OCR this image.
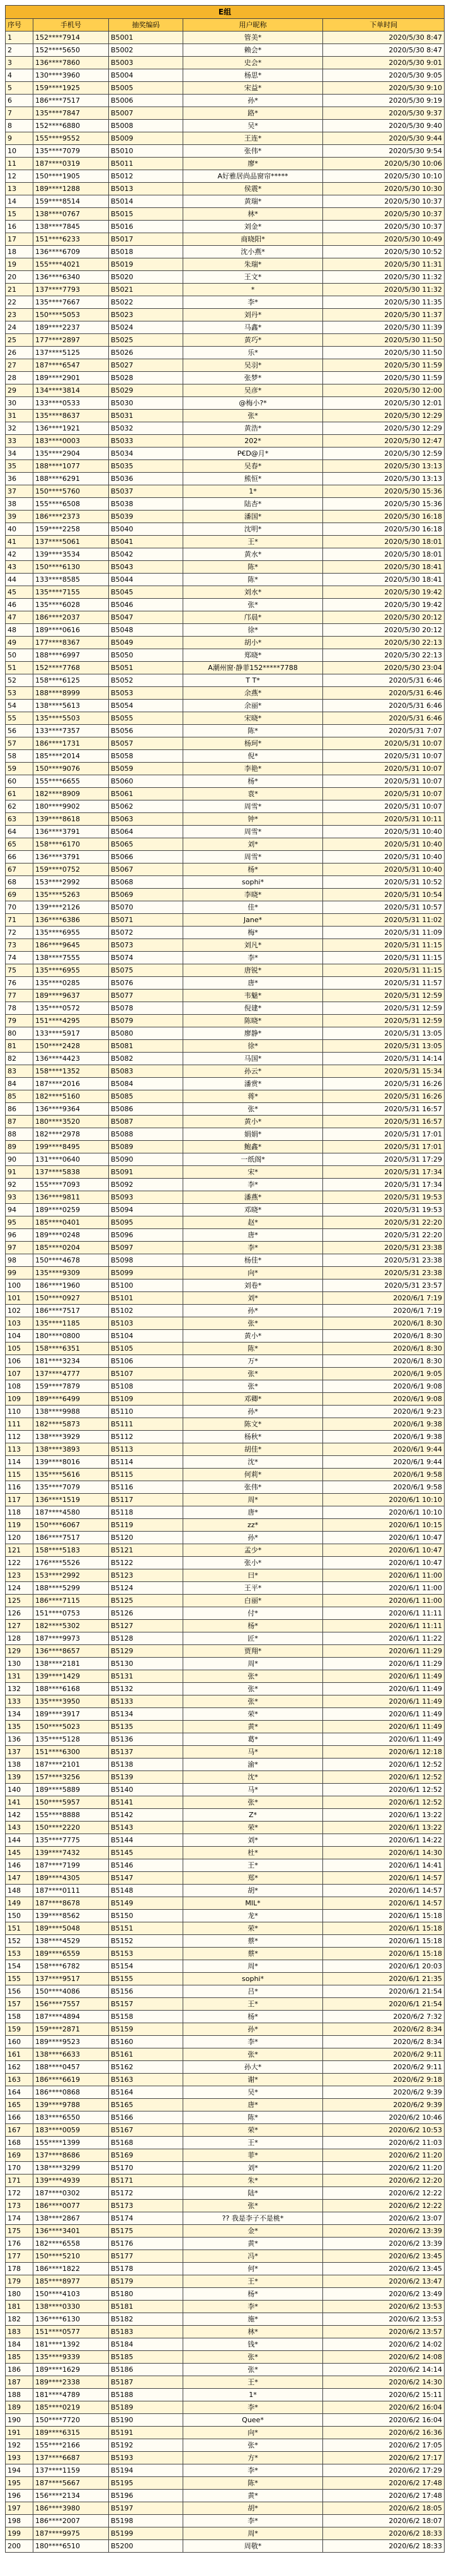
E组				
序号	手机号	抽奖编码	用户昵称	下单时间
1	152****7914	B5001	管美*	2020/5/30 8:47
2	152****5650	B5002	赖会*	2020/5/30 8:47
3	136****7860	B5003	史会*	2020/5/30 9:01
4	130****3960	B5004	杨思*	2020/5/30 9:05
5	159****1925	B5005	宋益*	2020/5/30 9:10
6	186****7517	B5006	孙*	2020/5/30 9:19
7	135****7847	B5007	路*	2020/5/30 9:37
8	152****6880	B5008	吴*	2020/5/30 9:40
9	155****9552	B5009	王连*	2020/5/30 9:44
10	135****7079	B5010	张伟*	2020/5/30 9:54
11	187****0319	B5011	廖*	2020/5/30 10:06
12	150****1905	B5012	A好雅居尚品窗帘*****	2020/5/30 10:10
13	189****1288	B5013	侯震*	2020/5/30 10:30
14	159****8514	B5014	黄瑞*	2020/5/30 10:37
15	138****0767	B5015	林*	2020/5/30 10:37
16	138****7845	B5016	刘金*	2020/5/30 10:37
17	151****6233	B5017	商晓阳*	2020/5/30 10:49
18	136****6709	B5018	沈小燕*	2020/5/30 10:52
19	155****4021	B5019	朱瑞*	2020/5/30 11:31
20	136****6340	B5020	王文*	2020/5/30 11:32
21	137****7793	B5021	*	2020/5/30 11:32
22	135****7667	B5022	李*	2020/5/30 11:35
23	150****5053	B5023	刘丹*	2020/5/30 11:37
24	189****2237	B5024	马鑫*	2020/5/30 11:39
25	177****2897	B5025	黄巧*	2020/5/30 11:50
26	137****5125	B5026	乐*	2020/5/30 11:50
27	187****6547	B5027	吴羽*	2020/5/30 11:59
28	189****2901	B5028	张梦*	2020/5/30 11:59
29	134****3814	B5029	吴彦*	2020/5/30 12:00
30	133****0533	B5030	@梅小?*	2020/5/30 12:01
31	135****8637	B5031	张*	2020/5/30 12:29
32	136****1921	B5032	黄浩*	2020/5/30 12:29
33	183****0003	B5033	202*	2020/5/30 12:47
34	135****2904	B5034	P€D@月*	2020/5/30 12:59
35	188****1077	B5035	吴春*	2020/5/30 13:13
36	188****6291	B5036	熊恒*	2020/5/30 13:13
37	150****5760	B5037	1*	2020/5/30 15:36
38	155****6508	B5038	陆杏*	2020/5/30 15:36
39	186****2373	B5039	潘国*	2020/5/30 16:18
40	159****2258	B5040	沈明*	2020/5/30 16:18
41	137****5061	B5041	王*	2020/5/30 18:01
42	139****3534	B5042	黄水*	2020/5/30 18:01
43	150****6130	B5043	陈*	2020/5/30 18:41
44	133****8585	B5044	陈*	2020/5/30 18:41
45	135****7155	B5045	刘水*	2020/5/30 19:42
46	135****6028	B5046	张*	2020/5/30 19:42
47	186****2037	B5047	邝晨*	2020/5/30 20:12
48	189****0616	B5048	徐*	2020/5/30 20:12
49	177****8367	B5049	胡小*	2020/5/30 22:13
50	188****6997	B5050	郑晓*	2020/5/30 22:13
51	152****7768	B5051	A潮州窗·静菲152*****7788	2020/5/30 23:04
52	158****6125	B5052	T T*	2020/5/31 6:46
53	188****8999	B5053	余燕*	2020/5/31 6:46
54	138****5613	B5054	余丽*	2020/5/31 6:46
55	135****5503	B5055	宋晓*	2020/5/31 6:46
56	133****7357	B5056	陈*	2020/5/31 7:07
57	186****1731	B5057	杨珂*	2020/5/31 10:07
58	185****2014	B5058	倪*	2020/5/31 10:07
59	150****9076	B5059	李艳*	2020/5/31 10:07
60	155****6655	B5060	杨*	2020/5/31 10:07
61	182****8909	B5061	袁*	2020/5/31 10:07
62	180****9902	B5062	周雪*	2020/5/31 10:07
63	139****8618	B5063	钟*	2020/5/31 10:11
64	136****3791	B5064	周雪*	2020/5/31 10:40
65	158****6170	B5065	刘*	2020/5/31 10:40
66	136****3791	B5066	周雪*	2020/5/31 10:40
67	159****0752	B5067	杨*	2020/5/31 10:40
68	153****2992	B5068	sophi*	2020/5/31 10:52
69	135****5263	B5069	李晓*	2020/5/31 10:54
70	139****2126	B5070	佳*	2020/5/31 10:57
71	136****6386	B5071	Jane*	2020/5/31 11:02
72	135****6955	B5072	梅*	2020/5/31 11:09
73	186****9645	B5073	刘凡*	2020/5/31 11:15
74	138****7555	B5074	李*	2020/5/31 11:15
75	135****6955	B5075	唐锐*	2020/5/31 11:15
76	135****0285	B5076	唐*	2020/5/31 11:57
77	189****9637	B5077	韦魅*	2020/5/31 12:59
78	135****0572	B5078	倪建*	2020/5/31 12:59
79	151****4295	B5079	陈晓*	2020/5/31 12:59
80	133****5917	B5080	廖静*	2020/5/31 13:05
81	150****2428	B5081	徐*	2020/5/31 13:05
82	136****4423	B5082	马国*	2020/5/31 14:14
83	158****1352	B5083	孙云*	2020/5/31 15:34
84	187****2016	B5084	潘赏*	2020/5/31 16:26
85	182****5160	B5085	蒋*	2020/5/31 16:26
86	136****9364	B5086	张*	2020/5/31 16:57
87	180****3520	B5087	黄小*	2020/5/31 16:57
88	182****2978	B5088	娟娟*	2020/5/31 17:01
89	199****8495	B5089	鲍鑫*	2020/5/31 17:01
90	131****0640	B5090	一纸阁*	2020/5/31 17:29
91	137****5838	B5091	宋*	2020/5/31 17:34
92	155****7093	B5092	李*	2020/5/31 17:34
93	136****9811	B5093	潘燕*	2020/5/31 19:53
94	189****0259	B5094	邓晓*	2020/5/31 19:53
95	185****0401	B5095	赵*	2020/5/31 22:20
96	189****0248	B5096	唐*	2020/5/31 22:20
97	185****0204	B5097	李*	2020/5/31 23:38
98	150****4678	B5098	杨佳*	2020/5/31 23:38
99	135****9309	B5099	向*	2020/5/31 23:38
100	186****1960	B5100	刘卷*	2020/5/31 23:57
101	150****0927	B5101	刘*	2020/6/1 7:19
102	186****7517	B5102	孙*	2020/6/1 7:19
103	135****1185	B5103	张*	2020/6/1 8:30
104	180****0800	B5104	黄小*	2020/6/1 8:30
105	158****6351	B5105	陈*	2020/6/1 8:30
106	181****3234	B5106	万*	2020/6/1 8:30
107	137****4777	B5107	张*	2020/6/1 9:05
108	159****7879	B5108	张*	2020/6/1 9:08
109	189****6499	B5109	邓卿*	2020/6/1 9:08
110	138****9988	B5110	孙*	2020/6/1 9:23
111	182****5873	B5111	陈文*	2020/6/1 9:38
112	138****3929	B5112	杨秋*	2020/6/1 9:38
113	138****3893	B5113	胡佳*	2020/6/1 9:44
114	139****8016	B5114	沈*	2020/6/1 9:44
115	135****5616	B5115	何莉*	2020/6/1 9:58
116	135****7079	B5116	张伟*	2020/6/1 9:58
117	136****1519	B5117	周*	2020/6/1 10:10
118	187****4580	B5118	唐*	2020/6/1 10:10
119	150****6067	B5119	zz*	2020/6/1 10:15
120	186****7517	B5120	孙*	2020/6/1 10:47
121	158****5183	B5121	孟少*	2020/6/1 10:47
122	176****5526	B5122	张小*	2020/6/1 10:47
123	153****2992	B5123	曰*	2020/6/1 11:00
124	188****5299	B5124	王平*	2020/6/1 11:00
125	186****7115	B5125	白丽*	2020/6/1 11:00
126	151****0753	B5126	付*	2020/6/1 11:11
127	182****5302	B5127	杨*	2020/6/1 11:11
128	187****9973	B5128	匠*	2020/6/1 11:22
129	136****8657	B5129	贾翔*	2020/6/1 11:29
130	138****2181	B5130	周*	2020/6/1 11:29
131	139****1429	B5131	张*	2020/6/1 11:49
132	188****6168	B5132	张*	2020/6/1 11:49
133	135****3950	B5133	张*	2020/6/1 11:49
134	189****3917	B5134	荣*	2020/6/1 11:49
135	150****5023	B5135	黄*	2020/6/1 11:49
136	135****5128	B5136	葛*	2020/6/1 11:49
137	151****6300	B5137	马*	2020/6/1 12:18
138	187****2101	B5138	渝*	2020/6/1 12:52
139	157****3256	B5139	沈*	2020/6/1 12:52
140	189****5889	B5140	马*	2020/6/1 12:52
141	150****5957	B5141	张*	2020/6/1 12:52
142	155****8888	B5142	Z*	2020/6/1 13:22
143	150****2220	B5143	荣*	2020/6/1 13:22
144	135****7775	B5144	刘*	2020/6/1 14:22
145	139****7432	B5145	杜*	2020/6/1 14:30
146	187****7199	B5146	王*	2020/6/1 14:41
147	189****4305	B5147	郑*	2020/6/1 14:57
148	187****0111	B5148	胡*	2020/6/1 14:57
149	187****8678	B5149	MIL*	2020/6/1 14:57
150	139****8562	B5150	龙*	2020/6/1 15:18
151	189****5048	B5151	荣*	2020/6/1 15:18
152	138****4529	B5152	蔡*	2020/6/1 15:18
153	189****6559	B5153	蔡*	2020/6/1 15:18
154	158****6782	B5154	周*	2020/6/1 20:03
155	137****9517	B5155	sophi*	2020/6/1 21:35
156	150****4086	B5156	吕*	2020/6/1 21:54
157	156****7557	B5157	王*	2020/6/1 21:54
158	187****4894	B5158	杨*	2020/6/2 7:32
159	159****2871	B5159	孙*	2020/6/2 8:34
160	189****9523	B5160	李*	2020/6/2 8:34
161	138****6633	B5161	张*	2020/6/2 9:11
162	188****0457	B5162	孙大*	2020/6/2 9:11
163	186****6619	B5163	谢*	2020/6/2 9:18
164	186****0868	B5164	吴*	2020/6/2 9:39
165	139****9788	B5165	唐*	2020/6/2 9:39
166	183****6550	B5166	陈*	2020/6/2 10:46
167	183****0059	B5167	荣*	2020/6/2 10:53
168	155****1399	B5168	王*	2020/6/2 11:03
169	137****8686	B5169	菲*	2020/6/2 11:20
170	138****3299	B5170	刘*	2020/6/2 11:20
171	139****4939	B5171	朱*	2020/6/2 12:20
172	187****0302	B5172	陆*	2020/6/2 12:22
173	186****0077	B5173	张*	2020/6/2 12:22
174	138****2867	B5174	?? 我是李子不是桃*	2020/6/2 13:07
175	136****3401	B5175	金*	2020/6/2 13:39
176	182****6558	B5176	黄*	2020/6/2 13:39
177	150****5210	B5177	冯*	2020/6/2 13:45
178	186****1822	B5178	何*	2020/6/2 13:45
179	185****8977	B5179	王*	2020/6/2 13:47
180	150****4103	B5180	杨*	2020/6/2 13:49
181	138****0330	B5181	李*	2020/6/2 13:53
182	136****6130	B5182	施*	2020/6/2 13:53
183	151****0577	B5183	林*	2020/6/2 13:57
184	181****1392	B5184	钱*	2020/6/2 14:02
185	135****9339	B5185	张*	2020/6/2 14:08
186	189****1629	B5186	张*	2020/6/2 14:14
187	189****2338	B5187	王*	2020/6/2 14:30
188	181****4789	B5188	1*	2020/6/2 15:11
189	185****0219	B5189	李*	2020/6/2 16:04
190	150****7720	B5190	Quee*	2020/6/2 16:04
191	189****6315	B5191	向*	2020/6/2 16:36
192	155****2166	B5192	张*	2020/6/2 17:05
193	137****6687	B5193	方*	2020/6/2 17:17
194	137****1159	B5194	李*	2020/6/2 17:29
195	187****5667	B5195	陈*	2020/6/2 17:48
196	156****2134	B5196	黄*	2020/6/2 17:48
197	186****3980	B5197	胡*	2020/6/2 18:05
198	186****2007	B5198	李*	2020/6/2 18:07
199	187****9975	B5199	周*	2020/6/2 18:33
200	180****6510	B5200	周敬*	2020/6/2 18:33
